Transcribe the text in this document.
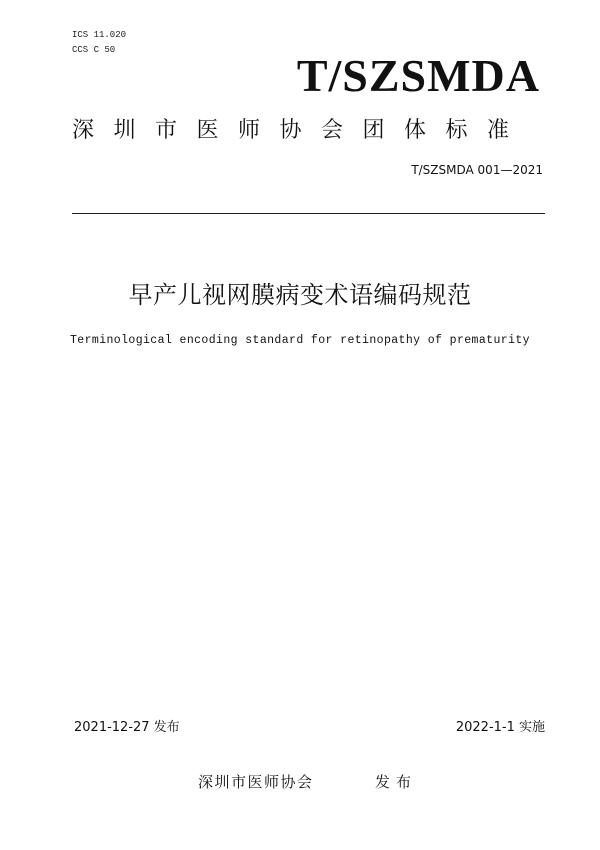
ICS 11.020
CCS C 50	T/SZSMDA
深圳市医师协会团体标准
T/SZSMDA 001—2021
早产儿视网膜病变术语编码规范
Terminological encoding standard for retinopathy of prematurity
2021-12-27 发布	2022-1-1 实施
深圳市医师协会	发布
